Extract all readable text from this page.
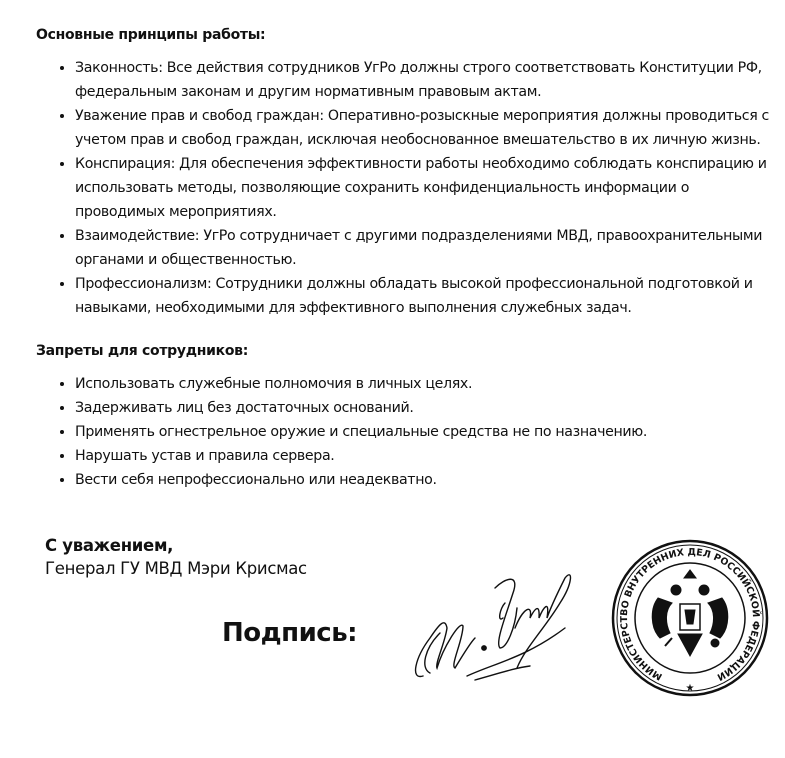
Основные принципы работы:
• Законность: Все действия сотрудников УгРо должны строго соответствовать Конституции РФ, федеральным законам и другим нормативным правовым актам.
• Уважение прав и свобод граждан: Оперативно-розыскные мероприятия должны проводиться с учетом прав и свобод граждан, исключая необоснованное вмешательство в их личную жизнь.
• Конспирация: Для обеспечения эффективности работы необходимо соблюдать конспирацию и использовать методы, позволяющие сохранить конфиденциальность информации о проводимых мероприятиях.
• Взаимодействие: УгРо сотрудничает с другими подразделениями МВД, правоохранительными органами и общественностью.
• Профессионализм: Сотрудники должны обладать высокой профессиональной подготовкой и навыками, необходимыми для эффективного выполнения служебных задач.
Запреты для сотрудников:
• Использовать служебные полномочия в личных целях.
• Задерживать лиц без достаточных оснований.
• Применять огнестрельное оружие и специальные средства не по назначению.
• Нарушать устав и правила сервера.
• Вести себя непрофессионально или неадекватно.
С уважением,
Генерал ГУ МВД Мэри Крисмас
Подпись:
МИНИСТЕРСТВО ВНУТРЕННИХ ДЕЛ РОССИЙСКОЙ ФЕДЕРАЦИИ
★
